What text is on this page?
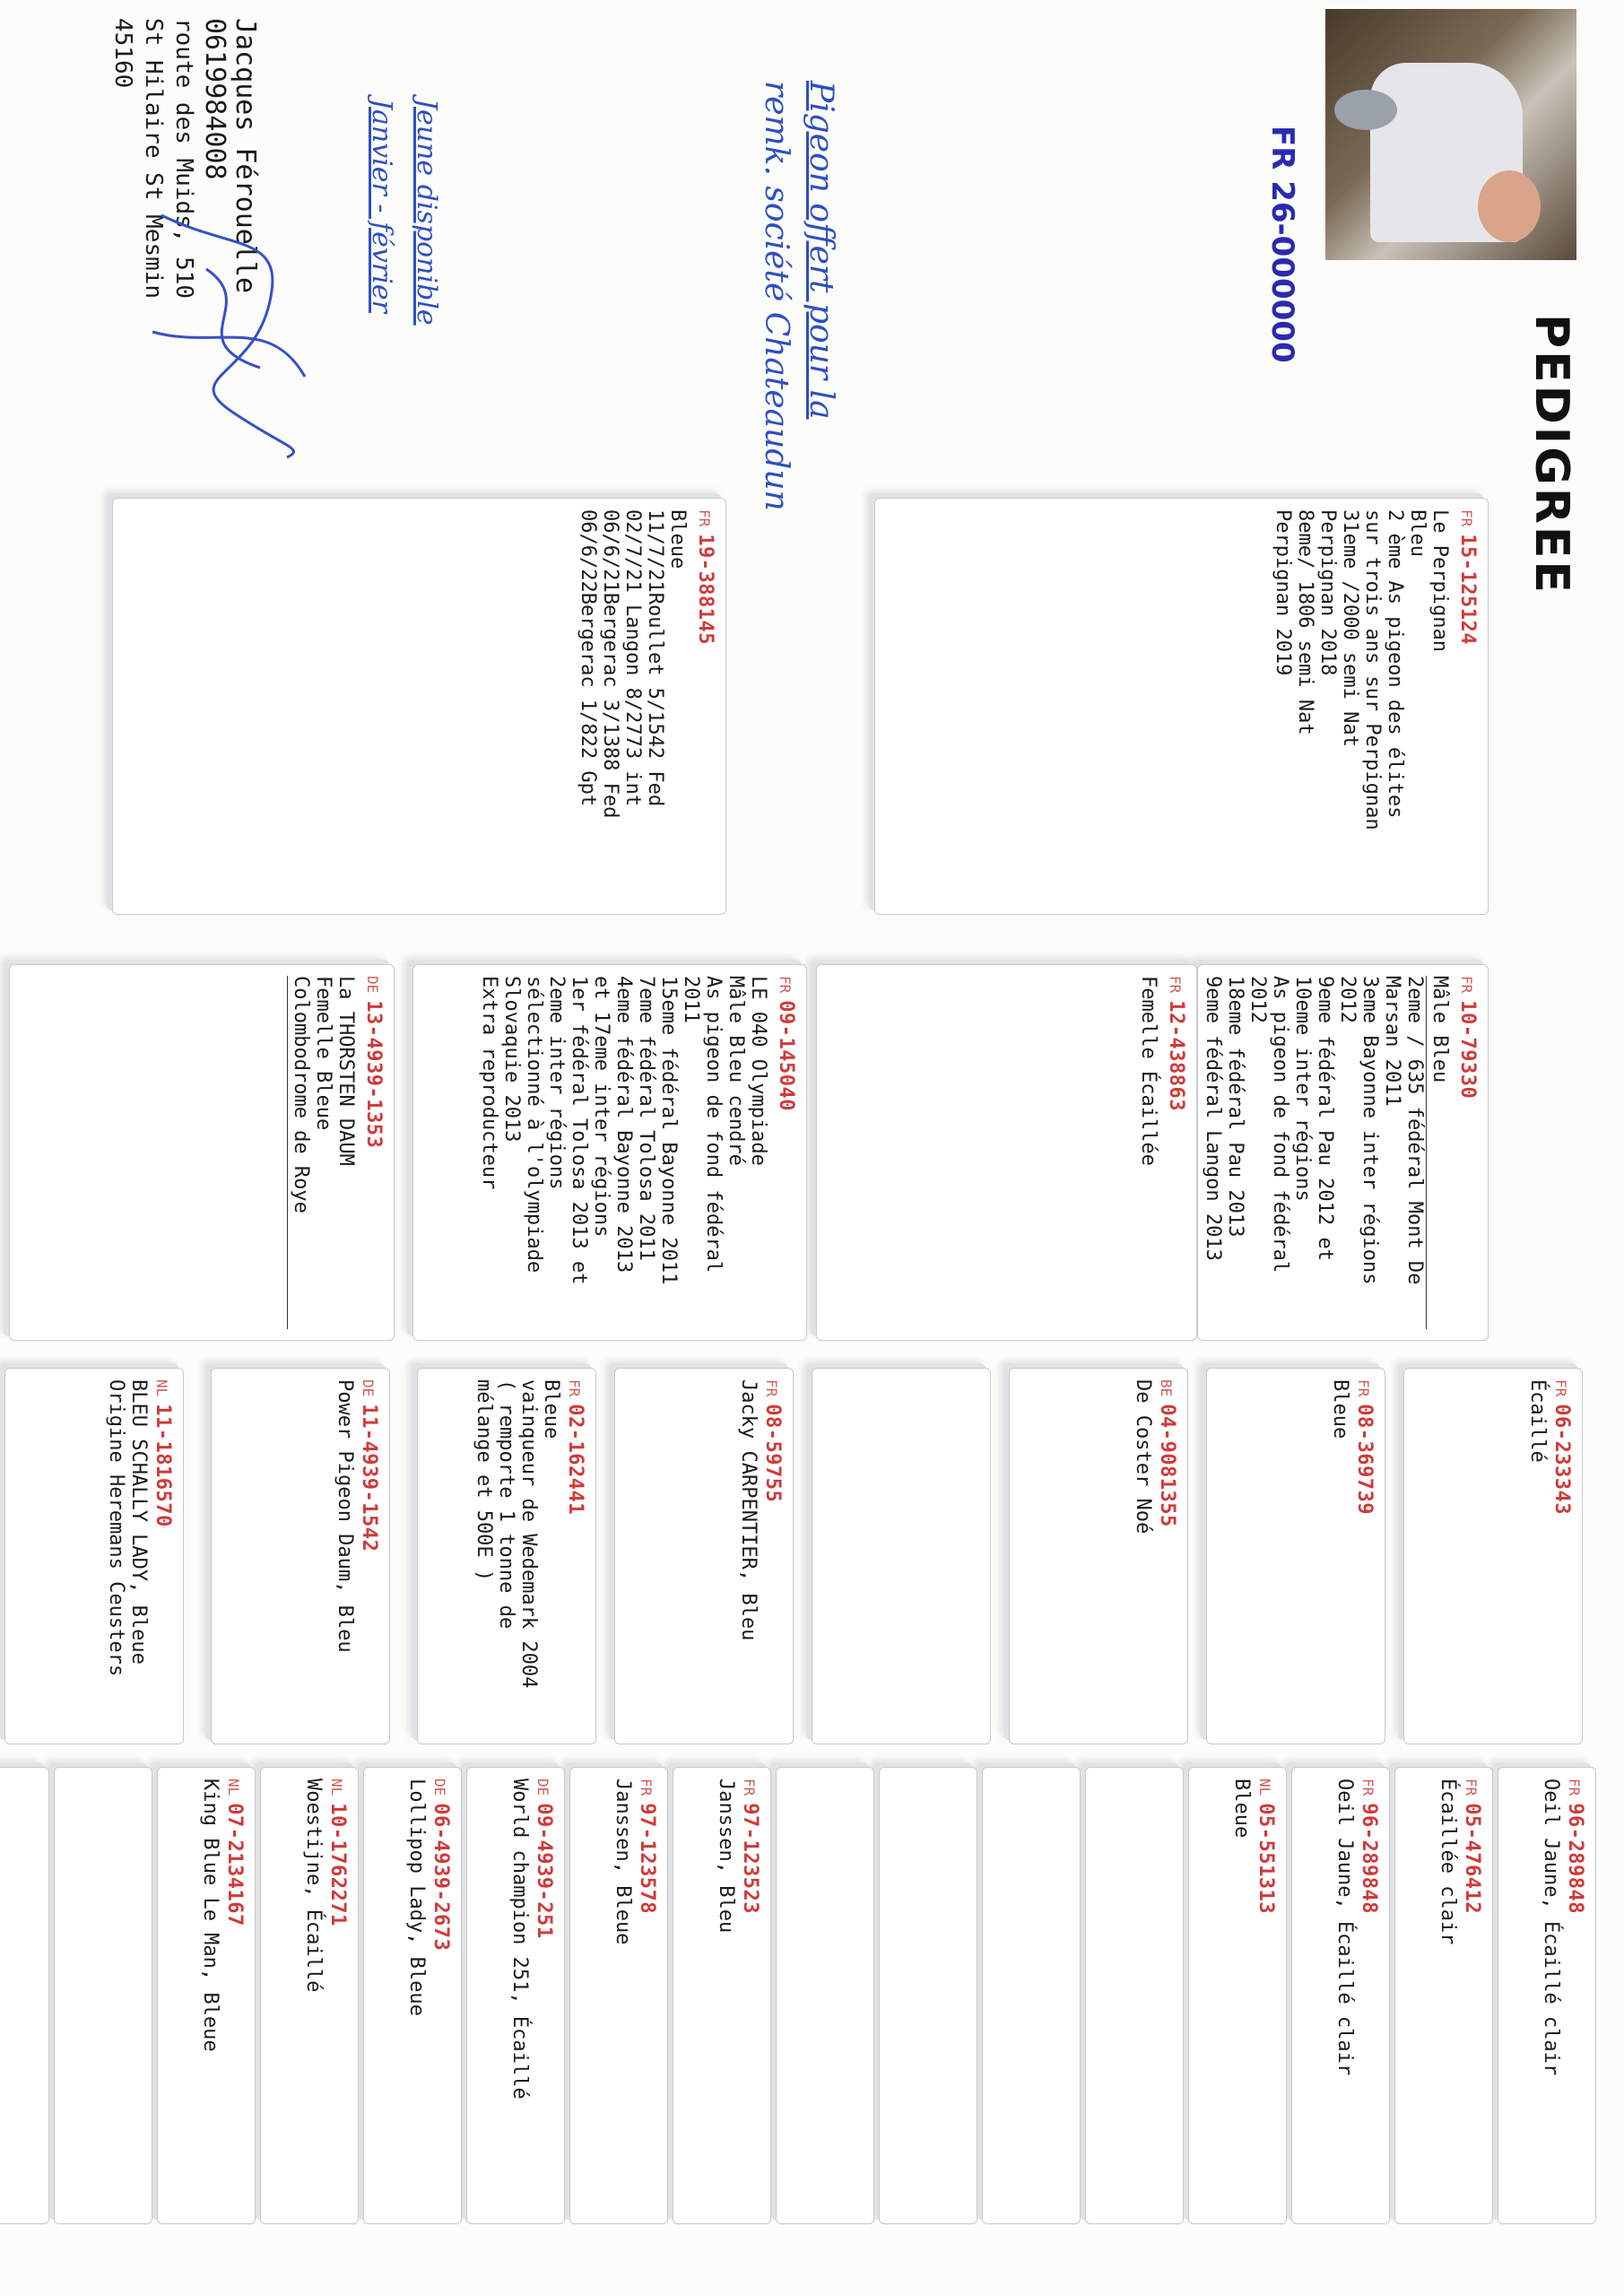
PEDIGREE
FR 26-000000
Jacques Férouelle
0619984008
route des Muids, 510
St Hilaire St Mesmin
45160
Pigeon offert pour la
remk. société Chateaudun
Jeune disponible
Janvier - février
FR15-125124

Le Perpignan

Bleu

2 ème As pigeon des élites

sur trois ans sur Perpignan

31eme /2000 semi Nat

Perpignan 2018

8eme/ 1806 semi Nat

Perpignan 2019

FR19-388145

Bleue

11/7/21Roullet 5/1542 Fed

02/7/21 Langon 8/2773 int

06/6/21Bergerac 3/1388 Fed

06/6/22Bergerac 1/822 Gpt

FR10-79330

Mâle Bleu

2eme / 635 fédéral Mont De

Marsan 2011

3eme Bayonne inter régions

2012

9eme fédéral Pau 2012 et

10eme inter régions

As pigeon de fond fédéral

2012

18eme fédéral Pau 2013

9eme fédéral Langon 2013

FR12-438863

Femelle Écaillée

FR09-145040

LE 040 Olympiade

Mâle Bleu cendré

As pigeon de fond fédéral

2011

15eme fédéral Bayonne 2011

7eme fédéral Tolosa 2011

4eme fédéral Bayonne 2013

et 17eme inter régions

1er fédéral Tolosa 2013 et

2eme inter régions

sélectionné à l'olympiade

Slovaquie 2013

Extra reproducteur

DE13-4939-1353

La THORSTEN DAUM

Femelle Bleue

Colombodrome de Roye

FR06-233343

Écaillé

FR08-369739

Bleue

BE04-9081355

De Coster Noé

FR08-59755

Jacky CARPENTIER, Bleu

FR02-162441

Bleue

vainqueur de Wedemark 2004

( remporte 1 tonne de

mélange et 500E )

DE11-4939-1542

Power Pigeon Daum, Bleu

NL11-1816570

BLEU SCHALLY LADY, Bleue

Origine Heremans Ceusters

FR96-289848

Oeil Jaune, Écaillé clair

FR05-476412

Écaillée clair

FR96-289848

Oeil Jaune, Écaillé clair

NL05-551313

Bleue

FR97-123523

Janssen, Bleu

FR97-123578

Janssen, Bleue

DE09-4939-251

World champion 251, Écaillé

DE06-4939-2673

Lollipop Lady, Bleue

NL10-1762271

Woestijne, Écaillé

NL07-2134167

King Blue Le Man, Bleue
